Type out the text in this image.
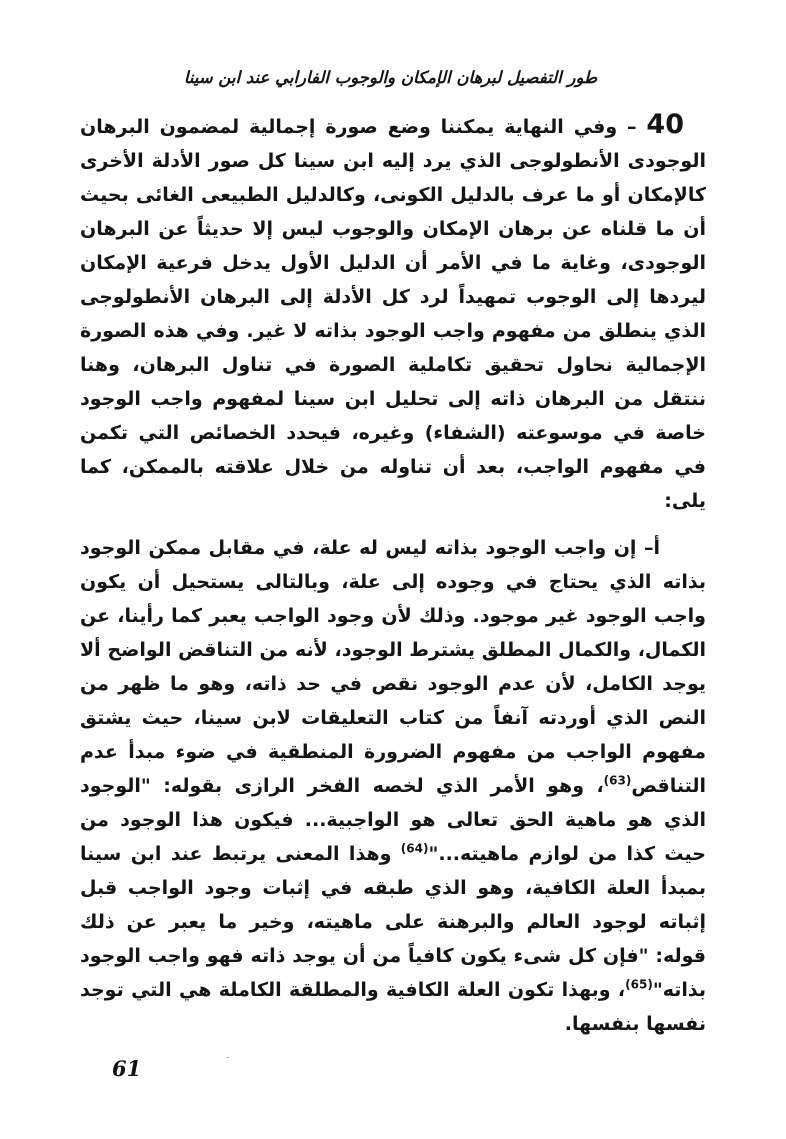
طور التفصيل لبرهان الإمكان والوجوب الفارابي عند ابن سينا

40 – وفي النهاية يمكننا وضع صورة إجمالية لمضمون البرهان الوجودى الأنطولوجى الذي يرد إليه ابن سينا كل صور الأدلة الأخرى كالإمكان أو ما عرف بالدليل الكونى، وكالدليل الطبيعى الغائى بحيث أن ما قلناه عن برهان الإمكان والوجوب ليس إلا حديثاً عن البرهان الوجودى، وغاية ما في الأمر أن الدليل الأول يدخل فرعية الإمكان ليردها إلى الوجوب تمهيداً لرد كل الأدلة إلى البرهان الأنطولوجى الذي ينطلق من مفهوم واجب الوجود بذاته لا غير. وفي هذه الصورة الإجمالية نحاول تحقيق تكاملية الصورة في تناول البرهان، وهنا ننتقل من البرهان ذاته إلى تحليل ابن سينا لمفهوم واجب الوجود خاصة في موسوعته (الشفاء) وغيره، فيحدد الخصائص التي تكمن في مفهوم الواجب، بعد أن تناوله من خلال علاقته بالممكن، كما يلى:

أ– إن واجب الوجود بذاته ليس له علة، في مقابل ممكن الوجود بذاته الذي يحتاج في وجوده إلى علة، وبالتالى يستحيل أن يكون واجب الوجود غير موجود. وذلك لأن وجود الواجب يعبر كما رأينا، عن الكمال، والكمال المطلق يشترط الوجود، لأنه من التناقض الواضح ألا يوجد الكامل، لأن عدم الوجود نقص في حد ذاته، وهو ما ظهر من النص الذي أوردته آنفاً من كتاب التعليقات لابن سينا، حيث يشتق مفهوم الواجب من مفهوم الضرورة المنطقية في ضوء مبدأ عدم التناقص$^{(63)}$، وهو الأمر الذي لخصه الفخر الرازى بقوله: "الوجود الذي هو ماهية الحق تعالى هو الواجبية... فيكون هذا الوجود من حيث كذا من لوازم ماهيته..."$^{(64)}$ وهذا المعنى يرتبط عند ابن سينا بمبدأ العلة الكافية، وهو الذي طبقه في إثبات وجود الواجب قبل إثباته لوجود العالم والبرهنة على ماهيته، وخير ما يعبر عن ذلك قوله: "فإن كل شىء يكون كافياً من أن يوجد ذاته فهو واجب الوجود بذاته"$^{(65)}$، وبهذا تكون العلة الكافية والمطلقة الكاملة هي التي توجد نفسها بنفسها.

61
